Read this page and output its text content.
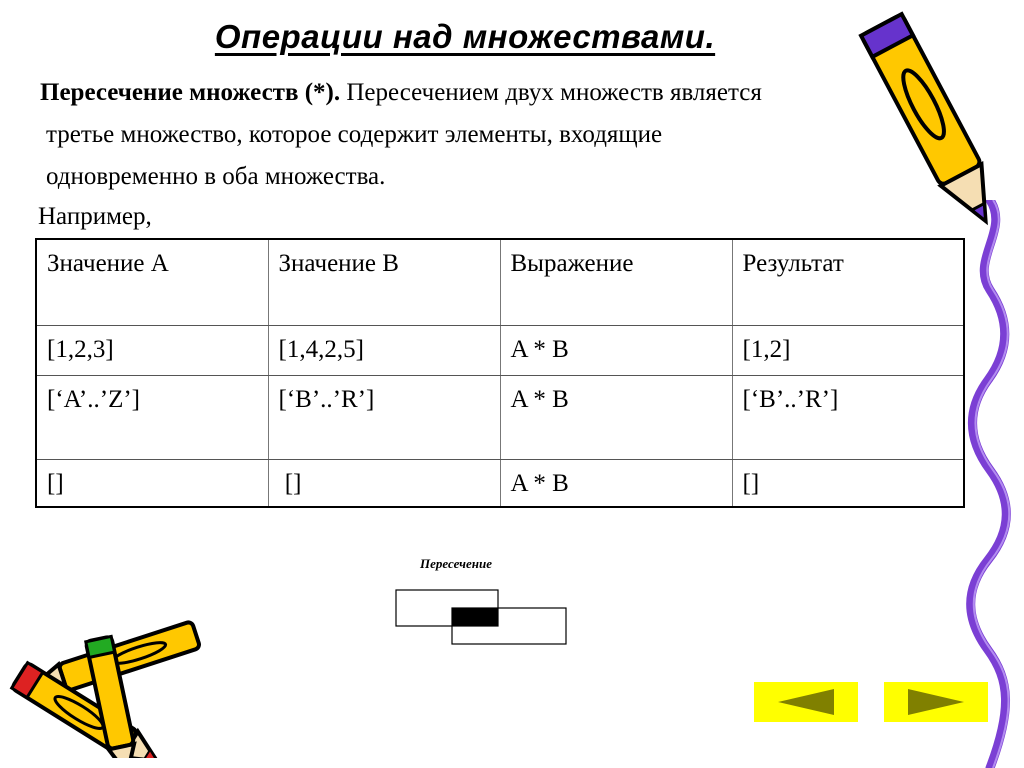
Операции над множествами.
Пересечение множеств (*). Пересечением двух множеств является
третье множество, которое содержит элементы, входящие
одновременно в оба множества.
Например,
Значение А	Значение В	Выражение	Результат
[1,2,3]	[1,4,2,5]	A * B	[1,2]
[‘A’..’Z’]	[‘B’..’R’]	A * B	[‘B’..’R’]
[]	[]	A * B	[]
Пересечение
